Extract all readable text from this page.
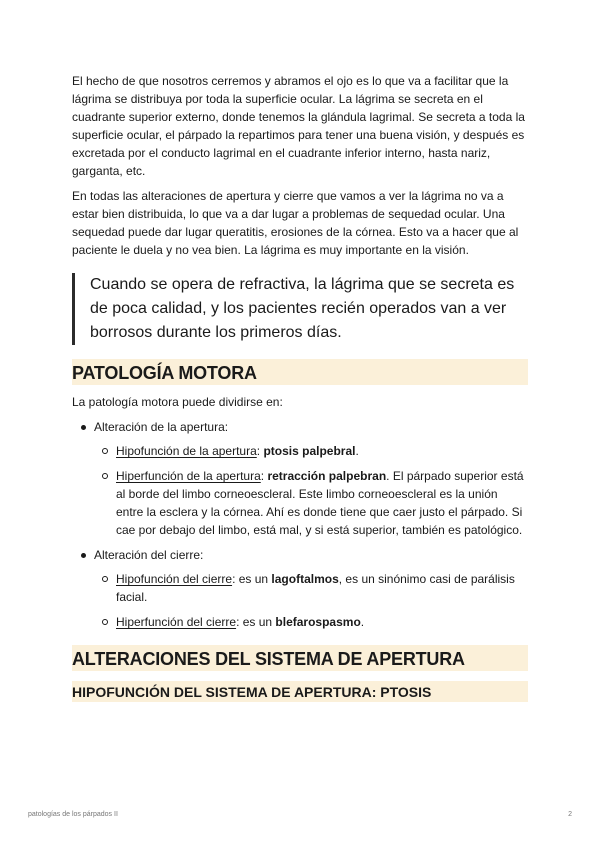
El hecho de que nosotros cerremos y abramos el ojo es lo que va a facilitar que la lágrima se distribuya por toda la superficie ocular. La lágrima se secreta en el cuadrante superior externo, donde tenemos la glándula lagrimal. Se secreta a toda la superficie ocular, el párpado la repartimos para tener una buena visión, y después es excretada por el conducto lagrimal en el cuadrante inferior interno, hasta nariz, garganta, etc.

En todas las alteraciones de apertura y cierre que vamos a ver la lágrima no va a estar bien distribuida, lo que va a dar lugar a problemas de sequedad ocular. Una sequedad puede dar lugar queratitis, erosiones de la córnea. Esto va a hacer que al paciente le duela y no vea bien. La lágrima es muy importante en la visión.

Cuando se opera de refractiva, la lágrima que se secreta es de poca calidad, y los pacientes recién operados van a ver borrosos durante los primeros días.
PATOLOGÍA MOTORA

La patología motora puede dividirse en:

Alteración de la apertura:
Hipofunción de la apertura: ptosis palpebral.
Hiperfunción de la apertura: retracción palpebran. El párpado superior está al borde del limbo corneoescleral. Este limbo corneoescleral es la unión entre la esclera y la córnea. Ahí es donde tiene que caer justo el párpado. Si cae por debajo del limbo, está mal, y si está superior, también es patológico.
Alteración del cierre:
Hipofunción del cierre: es un lagoftalmos, es un sinónimo casi de parálisis facial.
Hiperfunción del cierre: es un blefarospasmo.
ALTERACIONES DEL SISTEMA DE APERTURA
HIPOFUNCIÓN DEL SISTEMA DE APERTURA: PTOSIS
patologías de los párpados II	2
